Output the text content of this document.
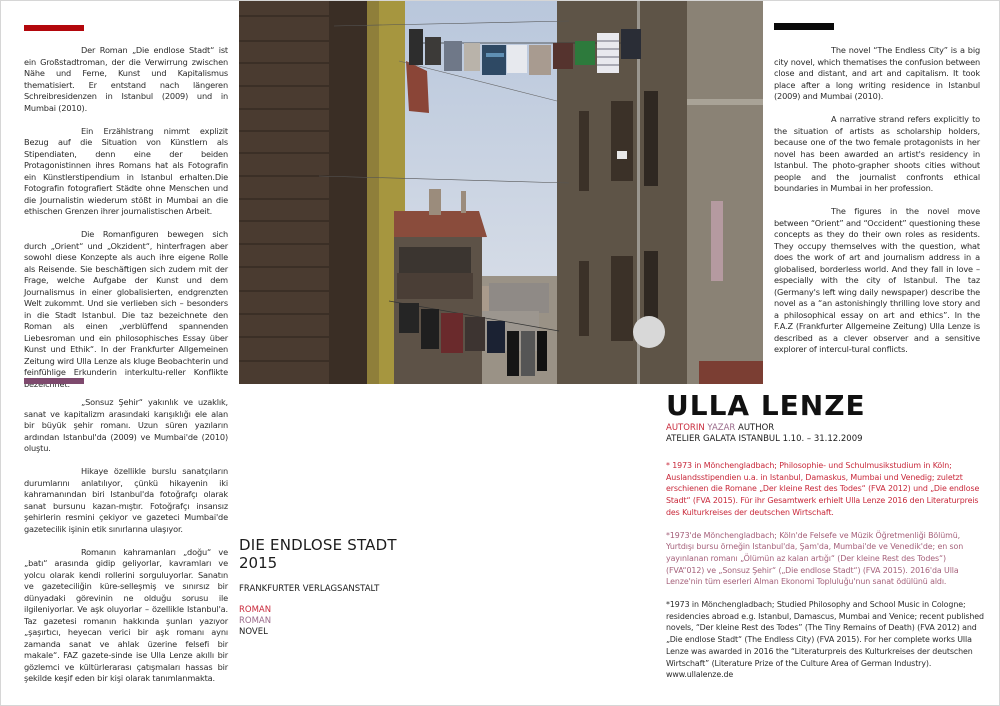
Der Roman „Die endlose Stadt“ ist ein Großstadtroman, der die Verwirrung zwischen Nähe und Ferne, Kunst und Kapitalismus thematisiert. Er entstand nach längeren Schreibresidenzen in Istanbul (2009) und in Mumbai (2010).

Ein Erzählstrang nimmt explizit Bezug auf die Situation von Künstlern als Stipendiaten, denn eine der beiden Protagonistinnen ihres Romans hat als Fotografin ein Künstlerstipendium in Istanbul erhalten.Die Fotografin fotografiert Städte ohne Menschen und die Journalistin wiederum stößt in Mumbai an die ethischen Grenzen ihrer journalistischen Arbeit.

Die Romanfiguren bewegen sich durch „Orient“ und „Okzident“, hinterfragen aber sowohl diese Konzepte als auch ihre eigene Rolle als Reisende. Sie beschäftigen sich zudem mit der Frage, welche Aufgabe der Kunst und dem Journalismus in einer globalisierten, endgrenzten Welt zukommt. Und sie verlieben sich – besonders in die Stadt Istanbul. Die taz bezeichnete den Roman als einen „verblüffend spannenden Liebesroman und ein philosophisches Essay über Kunst und Ethik“. In der Frankfurter Allgemeinen Zeitung wird Ulla Lenze als kluge Beobachterin und feinfühlige Erkunderin interkultu-reller Konflikte

„Sonsuz Şehir“ yakınlık ve uzaklık, sanat ve kapitalizm arasındaki karışıklığı ele alan bir büyük şehir romanı. Uzun süren yazıların ardından Istanbul'da (2009) ve Mumbai'de (2010) oluştu.

Hikaye özellikle burslu sanatçıların durumlarını anlatılıyor, çünkü hikayenin iki kahramanından biri Istanbul'da fotoğrafçı olarak sanat bursunu kazan-mıştır. Fotoğrafçı insansız şehirlerin resmini çekiyor ve gazeteci Mumbai'de gazetecilik işinin etik sınırlarına ulaşıyor.

Romanın kahramanları „doğu“ ve „batı“ arasında gidip geliyorlar, kavramları ve yolcu olarak kendi rollerini sorguluyorlar. Sanatın ve gazeteciliğin küre-selleşmiş ve sınırsız bir dünyadaki görevinin ne olduğu sorusu ile ilgileniyorlar. Ve aşk oluyorlar – özellikle Istanbul'a. Taz gazetesi romanın hakkında şunları yazıyor „şaşırtıcı, heyecan verici bir aşk romanı aynı zamanda sanat ve ahlak üzerine felsefi bir makale“. FAZ gazete-sinde ise Ulla Lenze akıllı bir gözlemci ve kültürlerarası çatışmaları hassas bir şekilde keşif eden bir kişi olarak tanımlanmakta.

The novel “The Endless City” is a big city novel, which thematises the confusion between close and distant, and art and capitalism. It took place after a long writing residence in Istanbul (2009) and Mumbai (2010).

A narrative strand refers explicitly to the situation of artists as scholarship holders, because one of the two female protagonists in her novel has been awarded an artist's residency in Istanbul. The photo-grapher shoots cities without people and the journalist confronts ethical boundaries in Mumbai in her profession.

The figures in the novel move between “Orient” and “Occident” questioning these concepts as they do their own roles as residents. They occupy themselves with the question, what does the work of art and journalism address in a globalised, borderless world. And they fall in love – especially with the city of Istanbul. The taz (Germany's left wing daily newspaper) describe the novel as a “an astonishingly thrilling love story and a philosophical essay on art and ethics”. In the F.A.Z (Frankfurter Allgemeine Zeitung) Ulla Lenze is described as a clever observer and a sensitive explorer of intercul-tural conflicts.

DIE ENDLOSE STADT
2015
FRANKFURTER VERLAGSANSTALT
ROMAN
ROMAN
NOVEL
ULLA LENZE
AUTORIN YAZAR AUTHOR
ATELIER GALATA ISTANBUL 1.10. – 31.12.2009

* 1973 in Mönchengladbach; Philosophie- und Schulmusikstudium in Köln; Auslandsstipendien u.a. in Istanbul, Damaskus, Mumbai und Venedig; zuletzt erschienen die Romane „Der kleine Rest des Todes“ (FVA 2012) und „Die endlose Stadt“ (FVA 2015). Für ihr Gesamtwerk erhielt Ulla Lenze 2016 den Literaturpreis des Kulturkreises der deutschen Wirtschaft.

*1973'de Mönchengladbach; Köln'de Felsefe ve Müzik Öğretmenliği Bölümü, Yurtdışı bursu örneğin Istanbul'da, Şam'da, Mumbai'de ve Venedik'de; en son yayınlanan romanı „Ölümün az kalan artığı“ (Der kleine Rest des Todes“) (FVA“012) ve „Sonsuz Şehir“ („Die endlose Stadt“) (FVA 2015). 2016'da Ulla Lenze'nin tüm eserleri Alman Ekonomi Topluluğu'nun sanat ödülünü aldı.

*1973 in Mönchengladbach; Studied Philosophy and School Music in Cologne; residencies abroad e.g. Istanbul, Damascus, Mumbai and Venice; recent published novels, “Der kleine Rest des Todes” (The Tiny Remains of Death) (FVA 2012) and „Die endlose Stadt“ (The Endless City) (FVA 2015). For her complete works Ulla Lenze was awarded in 2016 the “Literaturpreis des Kulturkreises der deutschen Wirtschaft” (Literature Prize of the Culture Area of German Industry). www.ullalenze.de
